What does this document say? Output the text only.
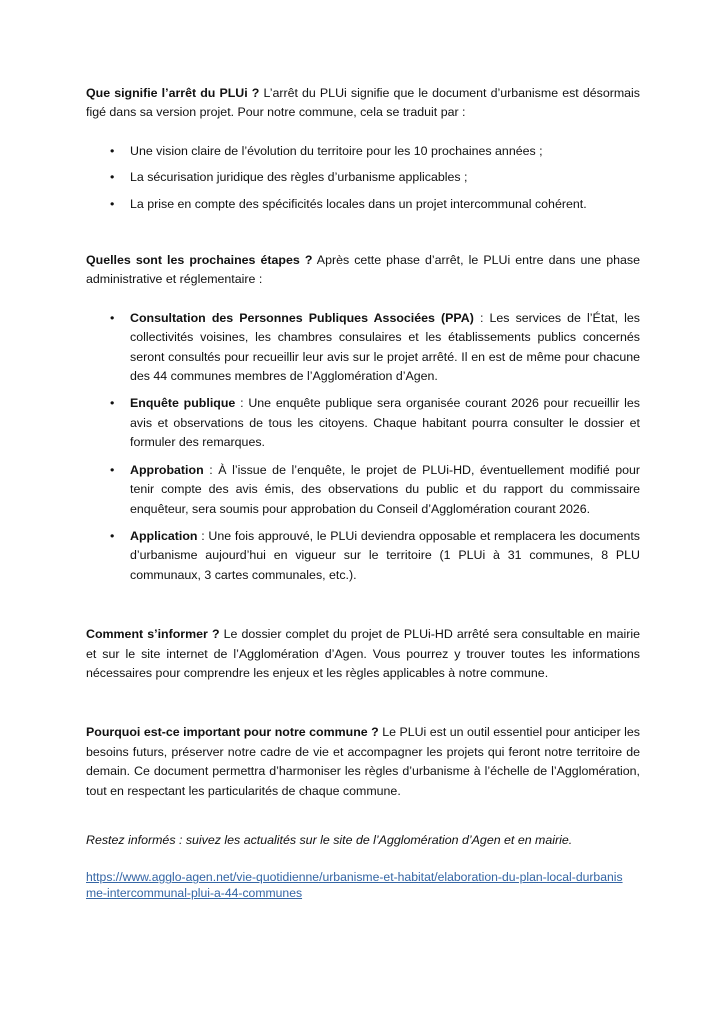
Que signifie l’arrêt du PLUi ? L’arrêt du PLUi signifie que le document d’urbanisme est désormais figé dans sa version projet. Pour notre commune, cela se traduit par :

• Une vision claire de l’évolution du territoire pour les 10 prochaines années ;
• La sécurisation juridique des règles d’urbanisme applicables ;
• La prise en compte des spécificités locales dans un projet intercommunal cohérent.

Quelles sont les prochaines étapes ? Après cette phase d’arrêt, le PLUi entre dans une phase administrative et réglementaire :

• Consultation des Personnes Publiques Associées (PPA) : Les services de l’État, les collectivités voisines, les chambres consulaires et les établissements publics concernés seront consultés pour recueillir leur avis sur le projet arrêté. Il en est de même pour chacune des 44 communes membres de l’Agglomération d’Agen.
• Enquête publique : Une enquête publique sera organisée courant 2026 pour recueillir les avis et observations de tous les citoyens. Chaque habitant pourra consulter le dossier et formuler des remarques.
• Approbation : À l’issue de l’enquête, le projet de PLUi-HD, éventuellement modifié pour tenir compte des avis émis, des observations du public et du rapport du commissaire enquêteur, sera soumis pour approbation du Conseil d’Agglomération courant 2026.
• Application : Une fois approuvé, le PLUi deviendra opposable et remplacera les documents d’urbanisme aujourd’hui en vigueur sur le territoire (1 PLUi à 31 communes, 8 PLU communaux, 3 cartes communales, etc.).

Comment s’informer ? Le dossier complet du projet de PLUi-HD arrêté sera consultable en mairie et sur le site internet de l’Agglomération d’Agen. Vous pourrez y trouver toutes les informations nécessaires pour comprendre les enjeux et les règles applicables à notre commune.

Pourquoi est-ce important pour notre commune ? Le PLUi est un outil essentiel pour anticiper les besoins futurs, préserver notre cadre de vie et accompagner les projets qui feront notre territoire de demain. Ce document permettra d’harmoniser les règles d’urbanisme à l’échelle de l’Agglomération, tout en respectant les particularités de chaque commune.

Restez informés : suivez les actualités sur le site de l’Agglomération d’Agen et en mairie.

https://www.agglo-agen.net/vie-quotidienne/urbanisme-et-habitat/elaboration-du-plan-local-durbanisme-intercommunal-plui-a-44-communes
